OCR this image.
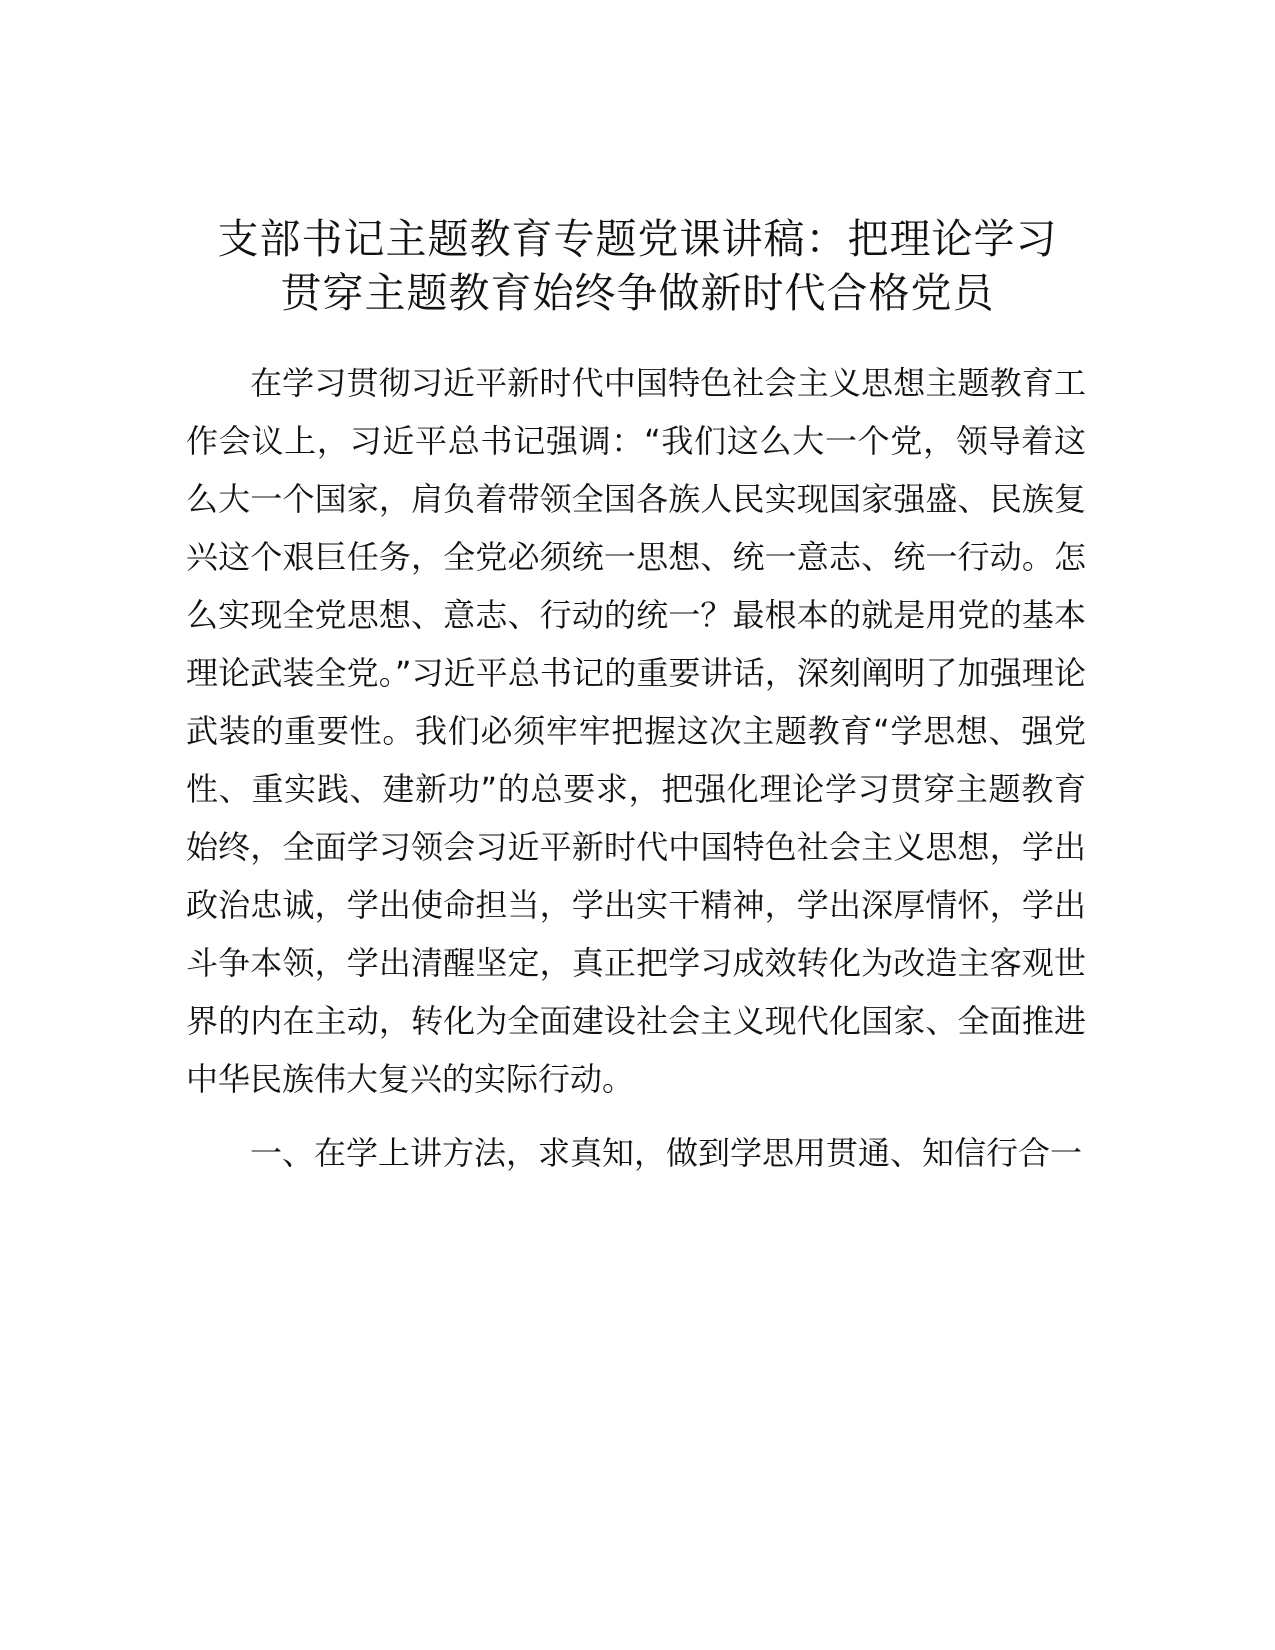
支部书记主题教育专题党课讲稿：把理论学习
贯穿主题教育始终争做新时代合格党员

在学习贯彻习近平新时代中国特色社会主义思想主题教育工作会议上，习近平总书记强调：“我们这么大一个党，领导着这么大一个国家，肩负着带领全国各族人民实现国家强盛、民族复兴这个艰巨任务，全党必须统一思想、统一意志、统一行动。怎么实现全党思想、意志、行动的统一？最根本的就是用党的基本理论武装全党。”习近平总书记的重要讲话，深刻阐明了加强理论武装的重要性。我们必须牢牢把握这次主题教育“学思想、强党性、重实践、建新功”的总要求，把强化理论学习贯穿主题教育始终，全面学习领会习近平新时代中国特色社会主义思想，学出政治忠诚，学出使命担当，学出实干精神，学出深厚情怀，学出斗争本领，学出清醒坚定，真正把学习成效转化为改造主客观世界的内在主动，转化为全面建设社会主义现代化国家、全面推进中华民族伟大复兴的实际行动。

一、在学上讲方法，求真知，做到学思用贯通、知信行合一
